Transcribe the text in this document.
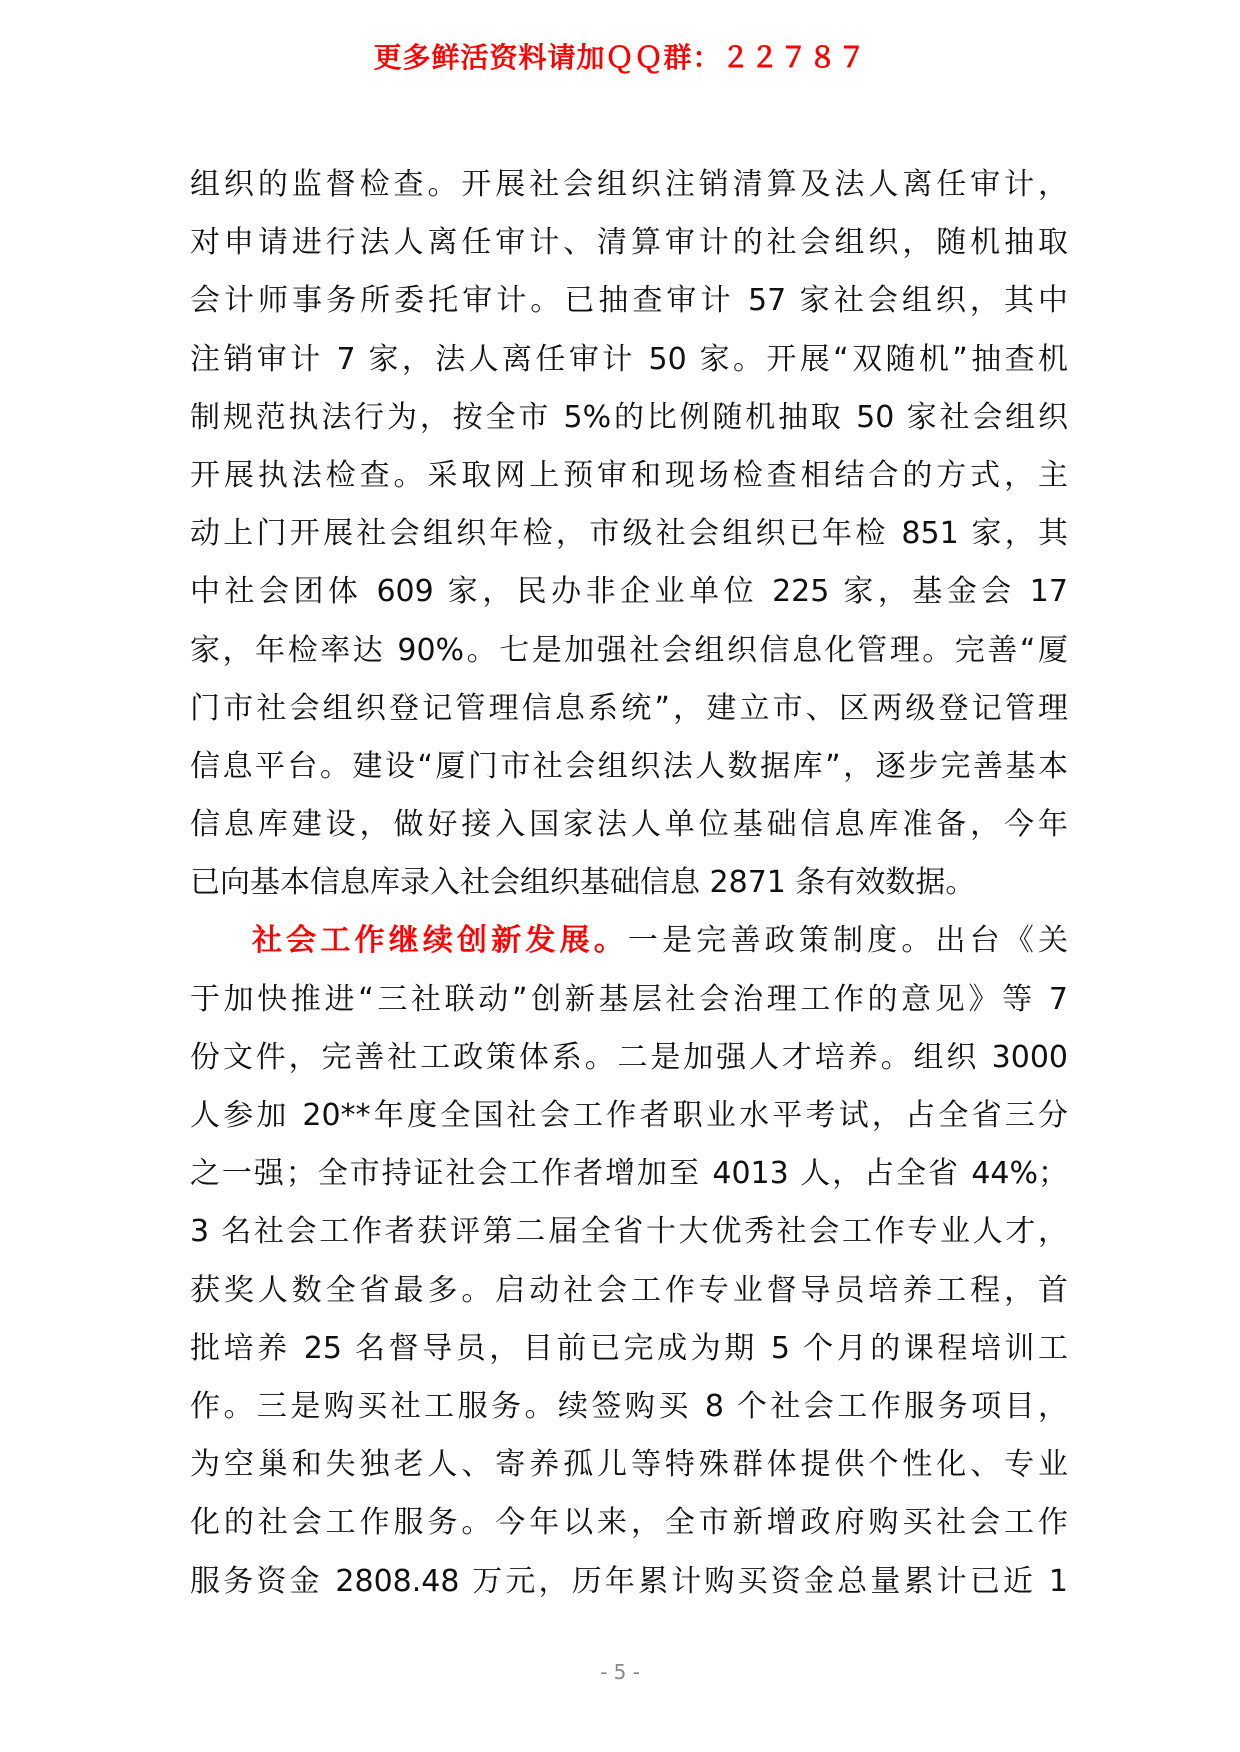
更多鲜活资料请加ＱＱ群：２２７８７
组织的监督检查。开展社会组织注销清算及法人离任审计，
对申请进行法人离任审计、清算审计的社会组织，随机抽取
会计师事务所委托审计。已抽查审计 57 家社会组织，其中
注销审计 7 家，法人离任审计 50 家。开展“双随机”抽查机
制规范执法行为，按全市 5%的比例随机抽取 50 家社会组织
开展执法检查。采取网上预审和现场检查相结合的方式，主
动上门开展社会组织年检，市级社会组织已年检 851 家，其
中社会团体 609 家，民办非企业单位 225 家，基金会 17
家，年检率达 90%。七是加强社会组织信息化管理。完善“厦
门市社会组织登记管理信息系统”，建立市、区两级登记管理
信息平台。建设“厦门市社会组织法人数据库”，逐步完善基本
信息库建设，做好接入国家法人单位基础信息库准备，今年
已向基本信息库录入社会组织基础信息 2871 条有效数据。
社会工作继续创新发展。一是完善政策制度。出台《关
于加快推进“三社联动”创新基层社会治理工作的意见》等 7
份文件，完善社工政策体系。二是加强人才培养。组织 3000
人参加 20**年度全国社会工作者职业水平考试，占全省三分
之一强；全市持证社会工作者增加至 4013 人，占全省 44%；
3 名社会工作者获评第二届全省十大优秀社会工作专业人才，
获奖人数全省最多。启动社会工作专业督导员培养工程，首
批培养 25 名督导员，目前已完成为期 5 个月的课程培训工
作。三是购买社工服务。续签购买 8 个社会工作服务项目，
为空巢和失独老人、寄养孤儿等特殊群体提供个性化、专业
化的社会工作服务。今年以来，全市新增政府购买社会工作
服务资金 2808.48 万元，历年累计购买资金总量累计已近 1
- 5 -
